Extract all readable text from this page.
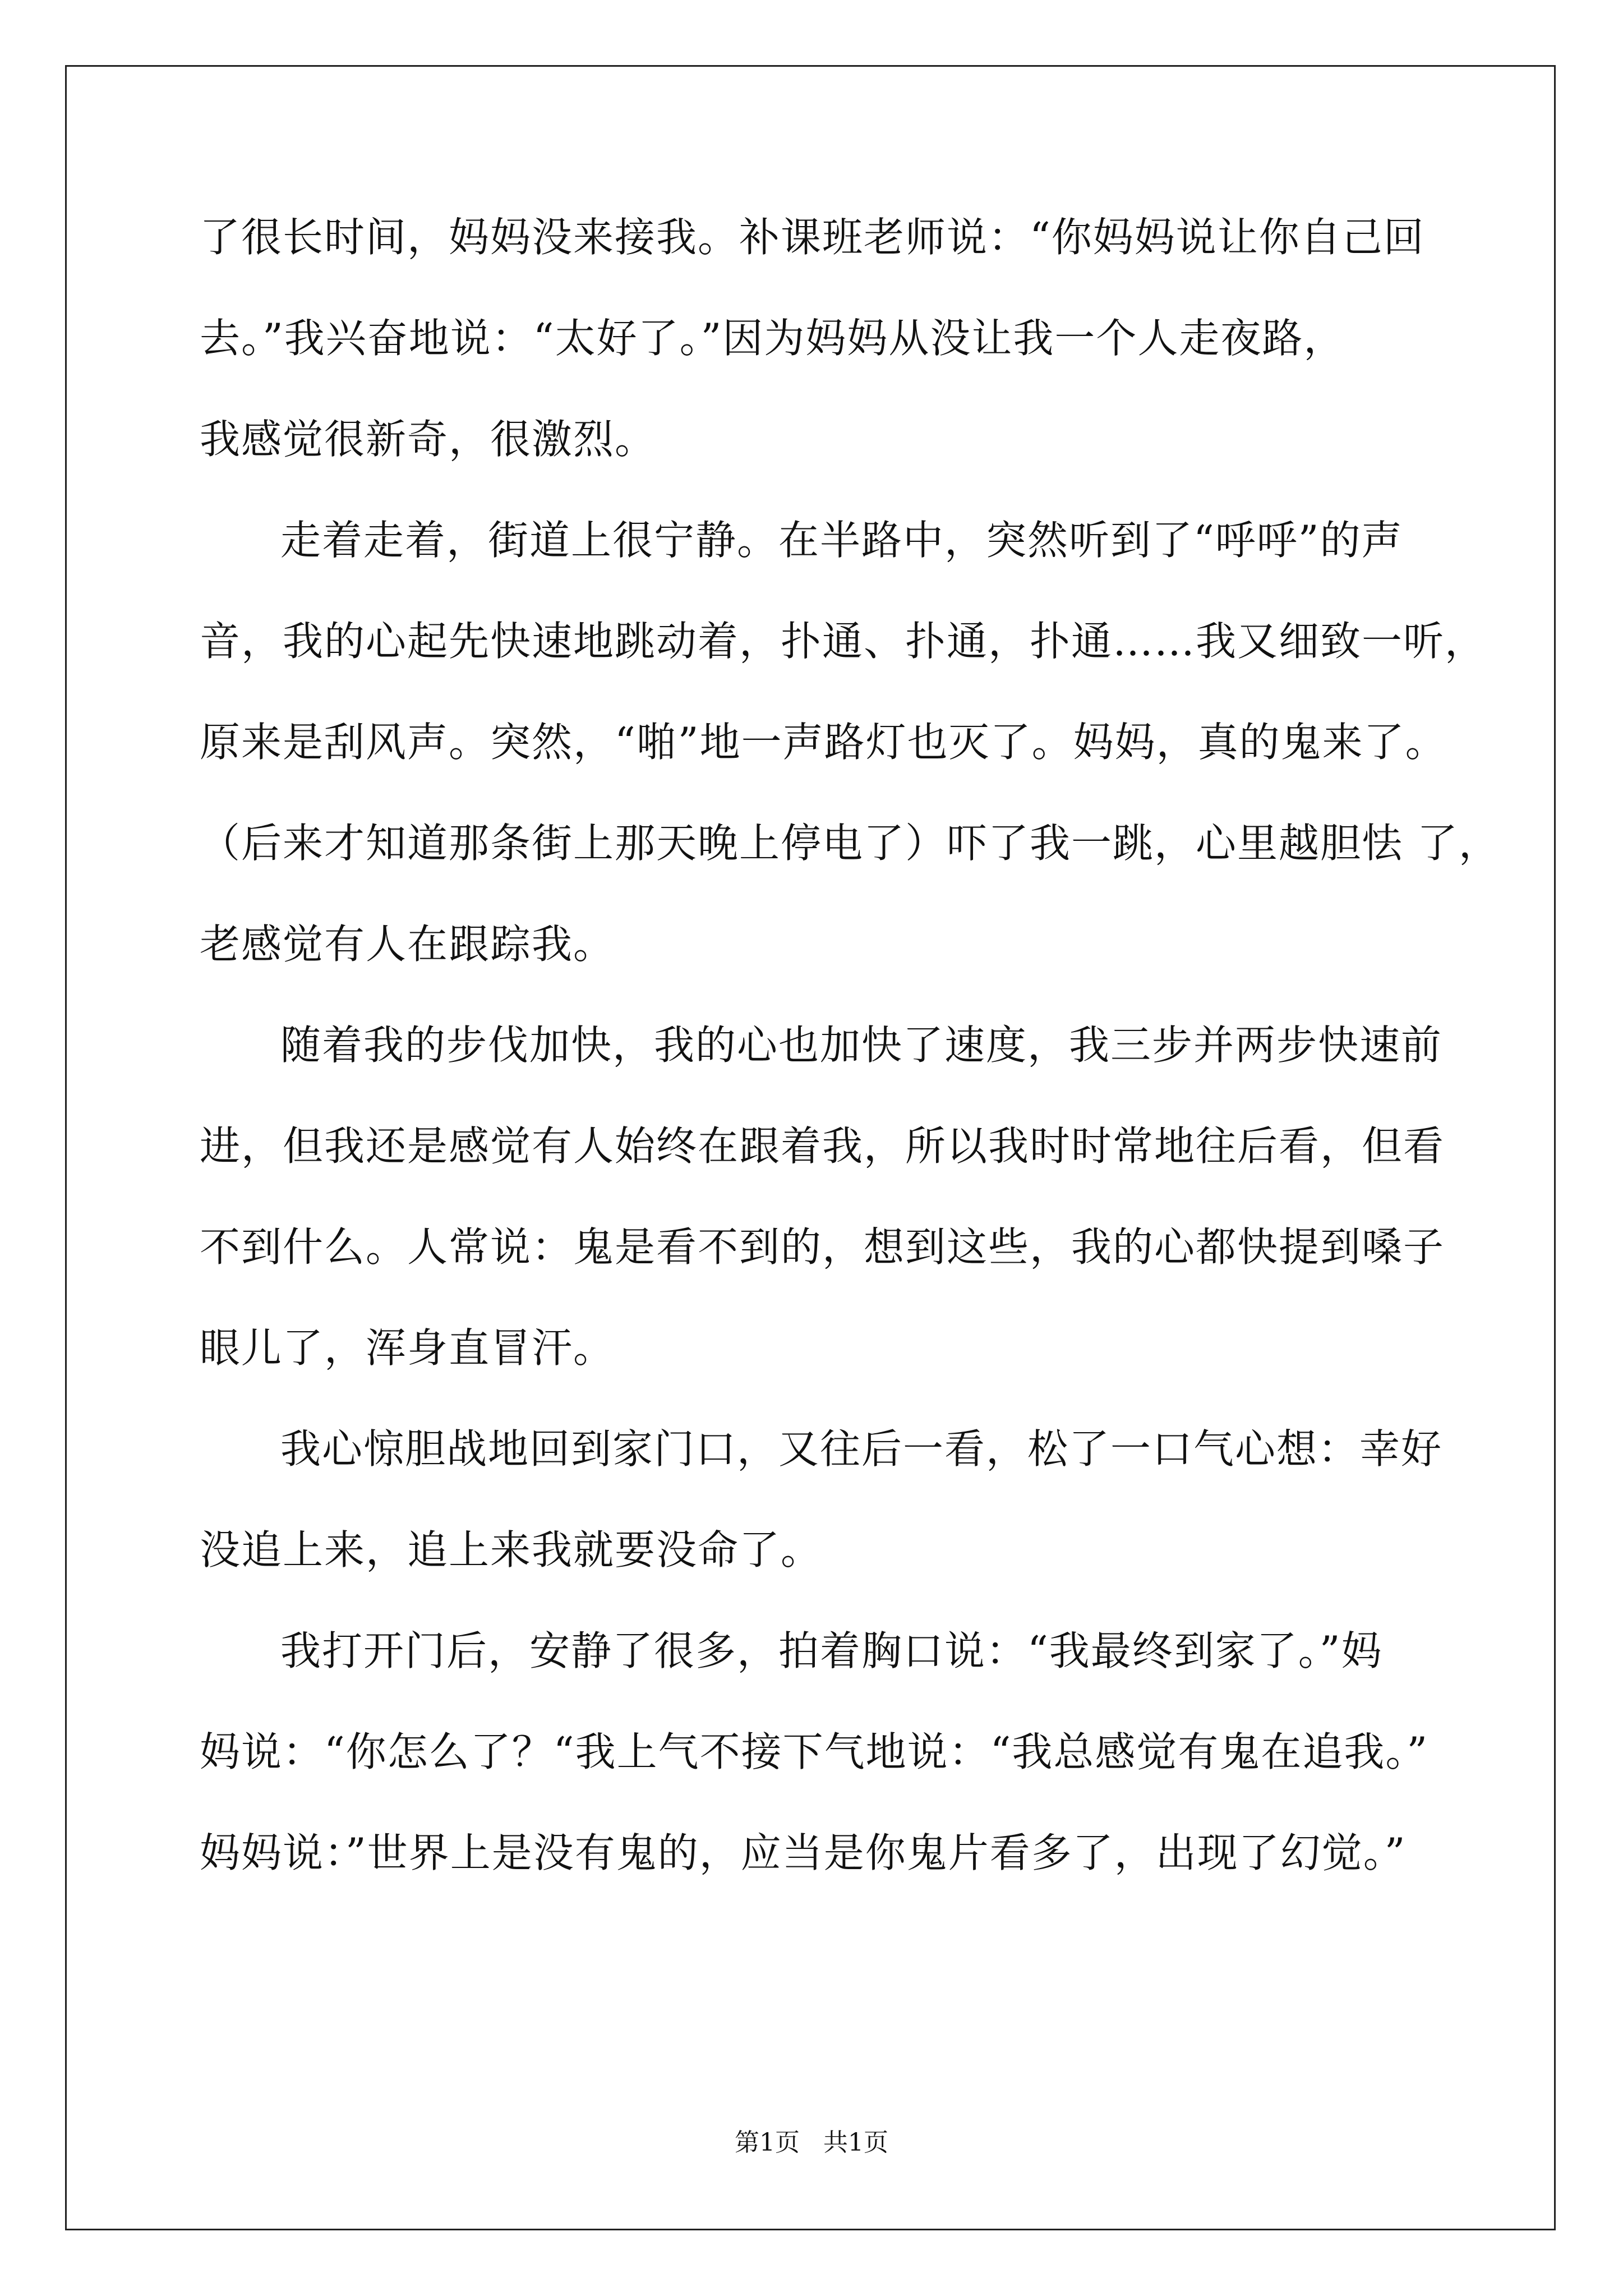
了很长时间，妈妈没来接我。补课班老师说：“你妈妈说让你自己回
去。”我兴奋地说：“太好了。”因为妈妈从没让我一个人走夜路，
我感觉很新奇，很激烈。
走着走着，街道上很宁静。在半路中，突然听到了“呼呼”的声
音，我的心起先快速地跳动着，扑通、扑通，扑通……我又细致一听，
原来是刮风声。突然，“啪”地一声路灯也灭了。妈妈，真的鬼来了。
（后来才知道那条街上那天晚上停电了）吓了我一跳，心里越胆怯 了，
老感觉有人在跟踪我。
随着我的步伐加快，我的心也加快了速度，我三步并两步快速前
进，但我还是感觉有人始终在跟着我，所以我时时常地往后看，但看
不到什么。人常说：鬼是看不到的，想到这些，我的心都快提到嗓子
眼儿了，浑身直冒汗。
我心惊胆战地回到家门口，又往后一看，松了一口气心想：幸好
没追上来，追上来我就要没命了。
我打开门后，安静了很多，拍着胸口说：“我最终到家了。”妈
妈说：“你怎么了？“我上气不接下气地说：“我总感觉有鬼在追我。”
妈妈说：”世界上是没有鬼的，应当是你鬼片看多了，出现了幻觉。”
第1页   共1页
